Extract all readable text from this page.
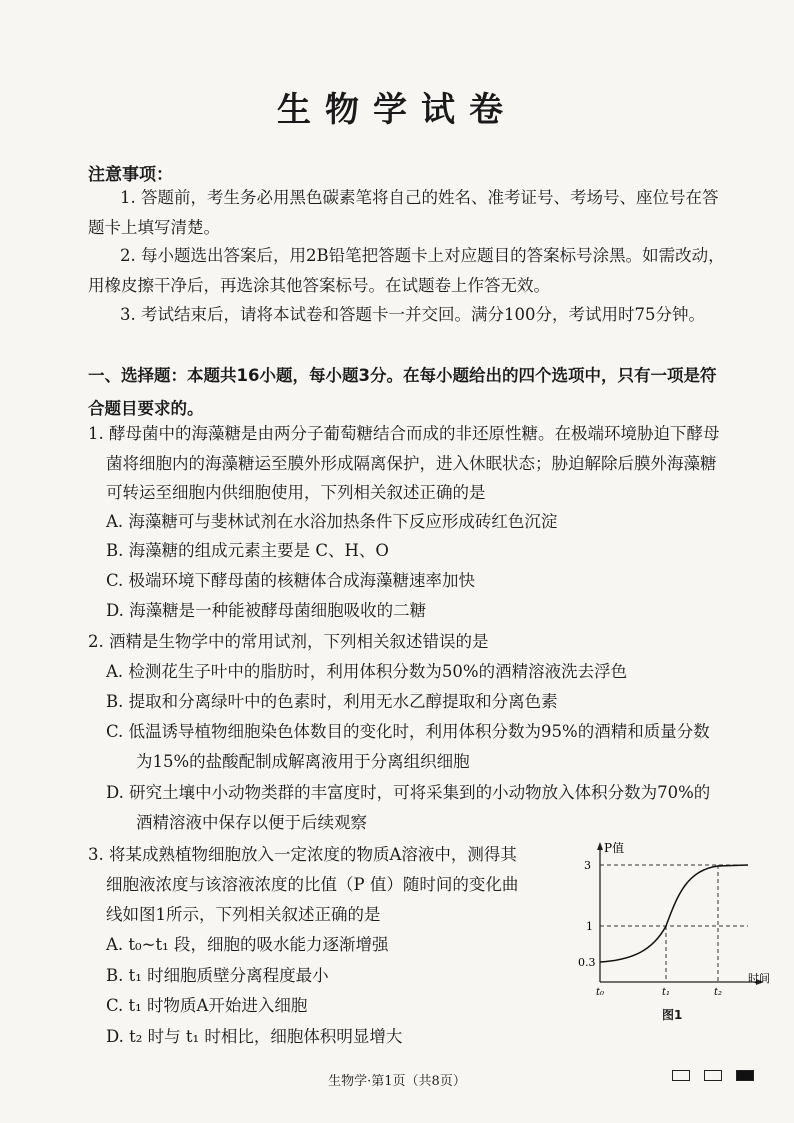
生物学试卷
注意事项：
1. 答题前，考生务必用黑色碳素笔将自己的姓名、准考证号、考场号、座位号在答
题卡上填写清楚。
2. 每小题选出答案后，用2B铅笔把答题卡上对应题目的答案标号涂黑。如需改动，
用橡皮擦干净后，再选涂其他答案标号。在试题卷上作答无效。
3. 考试结束后，请将本试卷和答题卡一并交回。满分100分，考试用时75分钟。
一、选择题：本题共16小题，每小题3分。在每小题给出的四个选项中，只有一项是符
合题目要求的。
1. 酵母菌中的海藻糖是由两分子葡萄糖结合而成的非还原性糖。在极端环境胁迫下酵母
菌将细胞内的海藻糖运至膜外形成隔离保护，进入休眠状态；胁迫解除后膜外海藻糖
可转运至细胞内供细胞使用，下列相关叙述正确的是
A. 海藻糖可与斐林试剂在水浴加热条件下反应形成砖红色沉淀
B. 海藻糖的组成元素主要是 C、H、O
C. 极端环境下酵母菌的核糖体合成海藻糖速率加快
D. 海藻糖是一种能被酵母菌细胞吸收的二糖
2. 酒精是生物学中的常用试剂，下列相关叙述错误的是
A. 检测花生子叶中的脂肪时，利用体积分数为50%的酒精溶液洗去浮色
B. 提取和分离绿叶中的色素时，利用无水乙醇提取和分离色素
C. 低温诱导植物细胞染色体数目的变化时，利用体积分数为95%的酒精和质量分数
为15%的盐酸配制成解离液用于分离组织细胞
D. 研究土壤中小动物类群的丰富度时，可将采集到的小动物放入体积分数为70%的
酒精溶液中保存以便于后续观察
3. 将某成熟植物细胞放入一定浓度的物质A溶液中，测得其
细胞液浓度与该溶液浓度的比值（P 值）随时间的变化曲
线如图1所示，下列相关叙述正确的是
A. t₀~t₁ 段，细胞的吸水能力逐渐增强
B. t₁ 时细胞质壁分离程度最小
C. t₁ 时物质A开始进入细胞
D. t₂ 时与 t₁ 时相比，细胞体积明显增大
P值
时间
3
1
0.3
t₀	t₁	t₂
图1
生物学·第1页（共8页）
